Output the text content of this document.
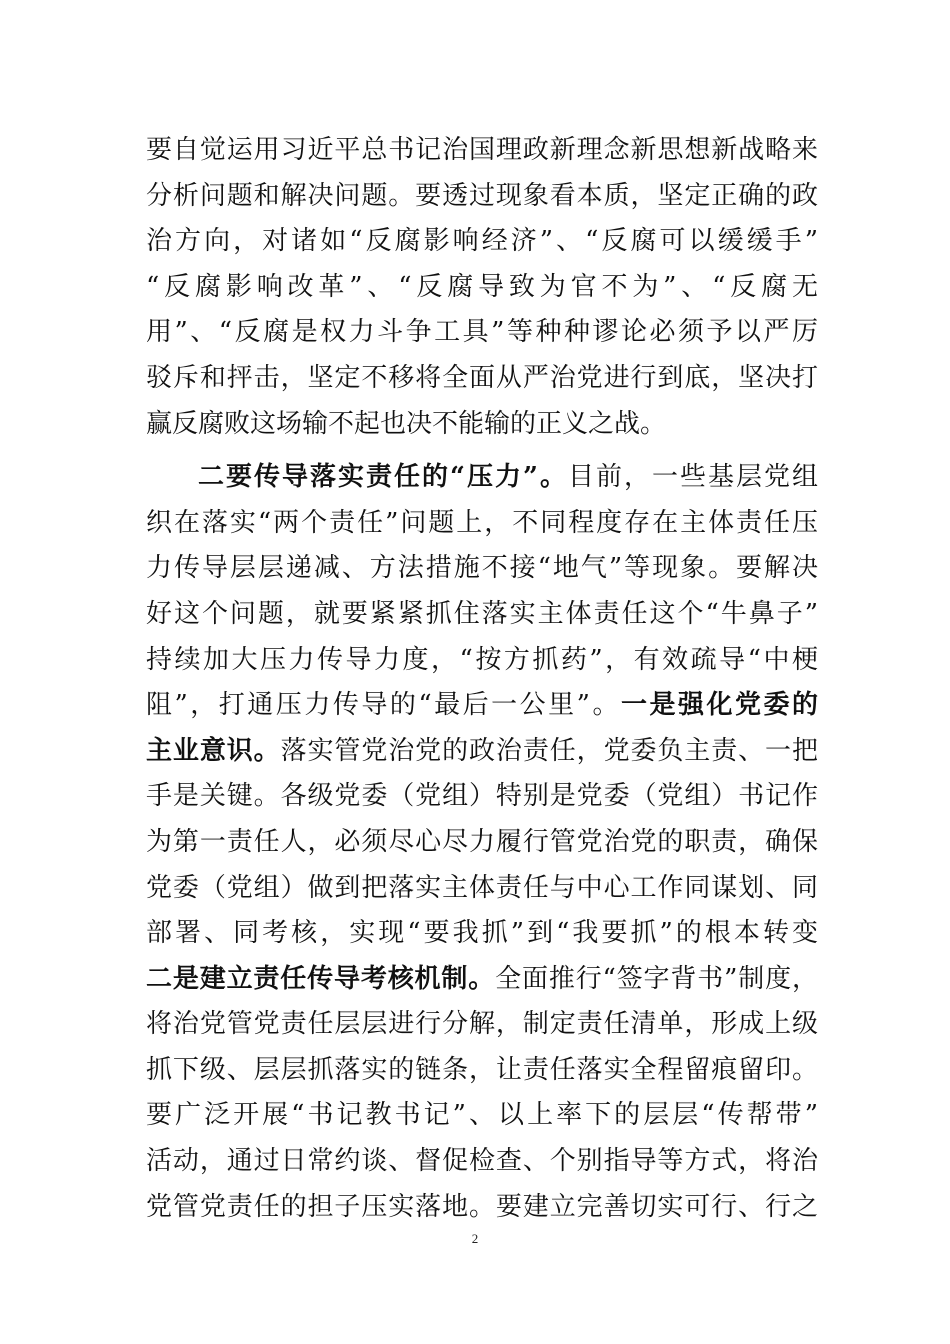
要自觉运用习近平总书记治国理政新理念新思想新战略来
分析问题和解决问题。要透过现象看本质，坚定正确的政
治方向，对诸如“反腐影响经济”、“反腐可以缓缓手”
“反腐影响改革”、“反腐导致为官不为”、“反腐无
用”、“反腐是权力斗争工具”等种种谬论必须予以严厉
驳斥和抨击，坚定不移将全面从严治党进行到底，坚决打
赢反腐败这场输不起也决不能输的正义之战。
二要传导落实责任的“压力”。目前，一些基层党组
织在落实“两个责任”问题上，不同程度存在主体责任压
力传导层层递减、方法措施不接“地气”等现象。要解决
好这个问题，就要紧紧抓住落实主体责任这个“牛鼻子”
持续加大压力传导力度，“按方抓药”，有效疏导“中梗
阻”，打通压力传导的“最后一公里”。一是强化党委的
主业意识。落实管党治党的政治责任，党委负主责、一把
手是关键。各级党委（党组）特别是党委（党组）书记作
为第一责任人，必须尽心尽力履行管党治党的职责，确保
党委（党组）做到把落实主体责任与中心工作同谋划、同
部署、同考核，实现“要我抓”到“我要抓”的根本转变
二是建立责任传导考核机制。全面推行“签字背书”制度，
将治党管党责任层层进行分解，制定责任清单，形成上级
抓下级、层层抓落实的链条，让责任落实全程留痕留印。
要广泛开展“书记教书记”、以上率下的层层“传帮带”
活动，通过日常约谈、督促检查、个别指导等方式，将治
党管党责任的担子压实落地。要建立完善切实可行、行之
2
